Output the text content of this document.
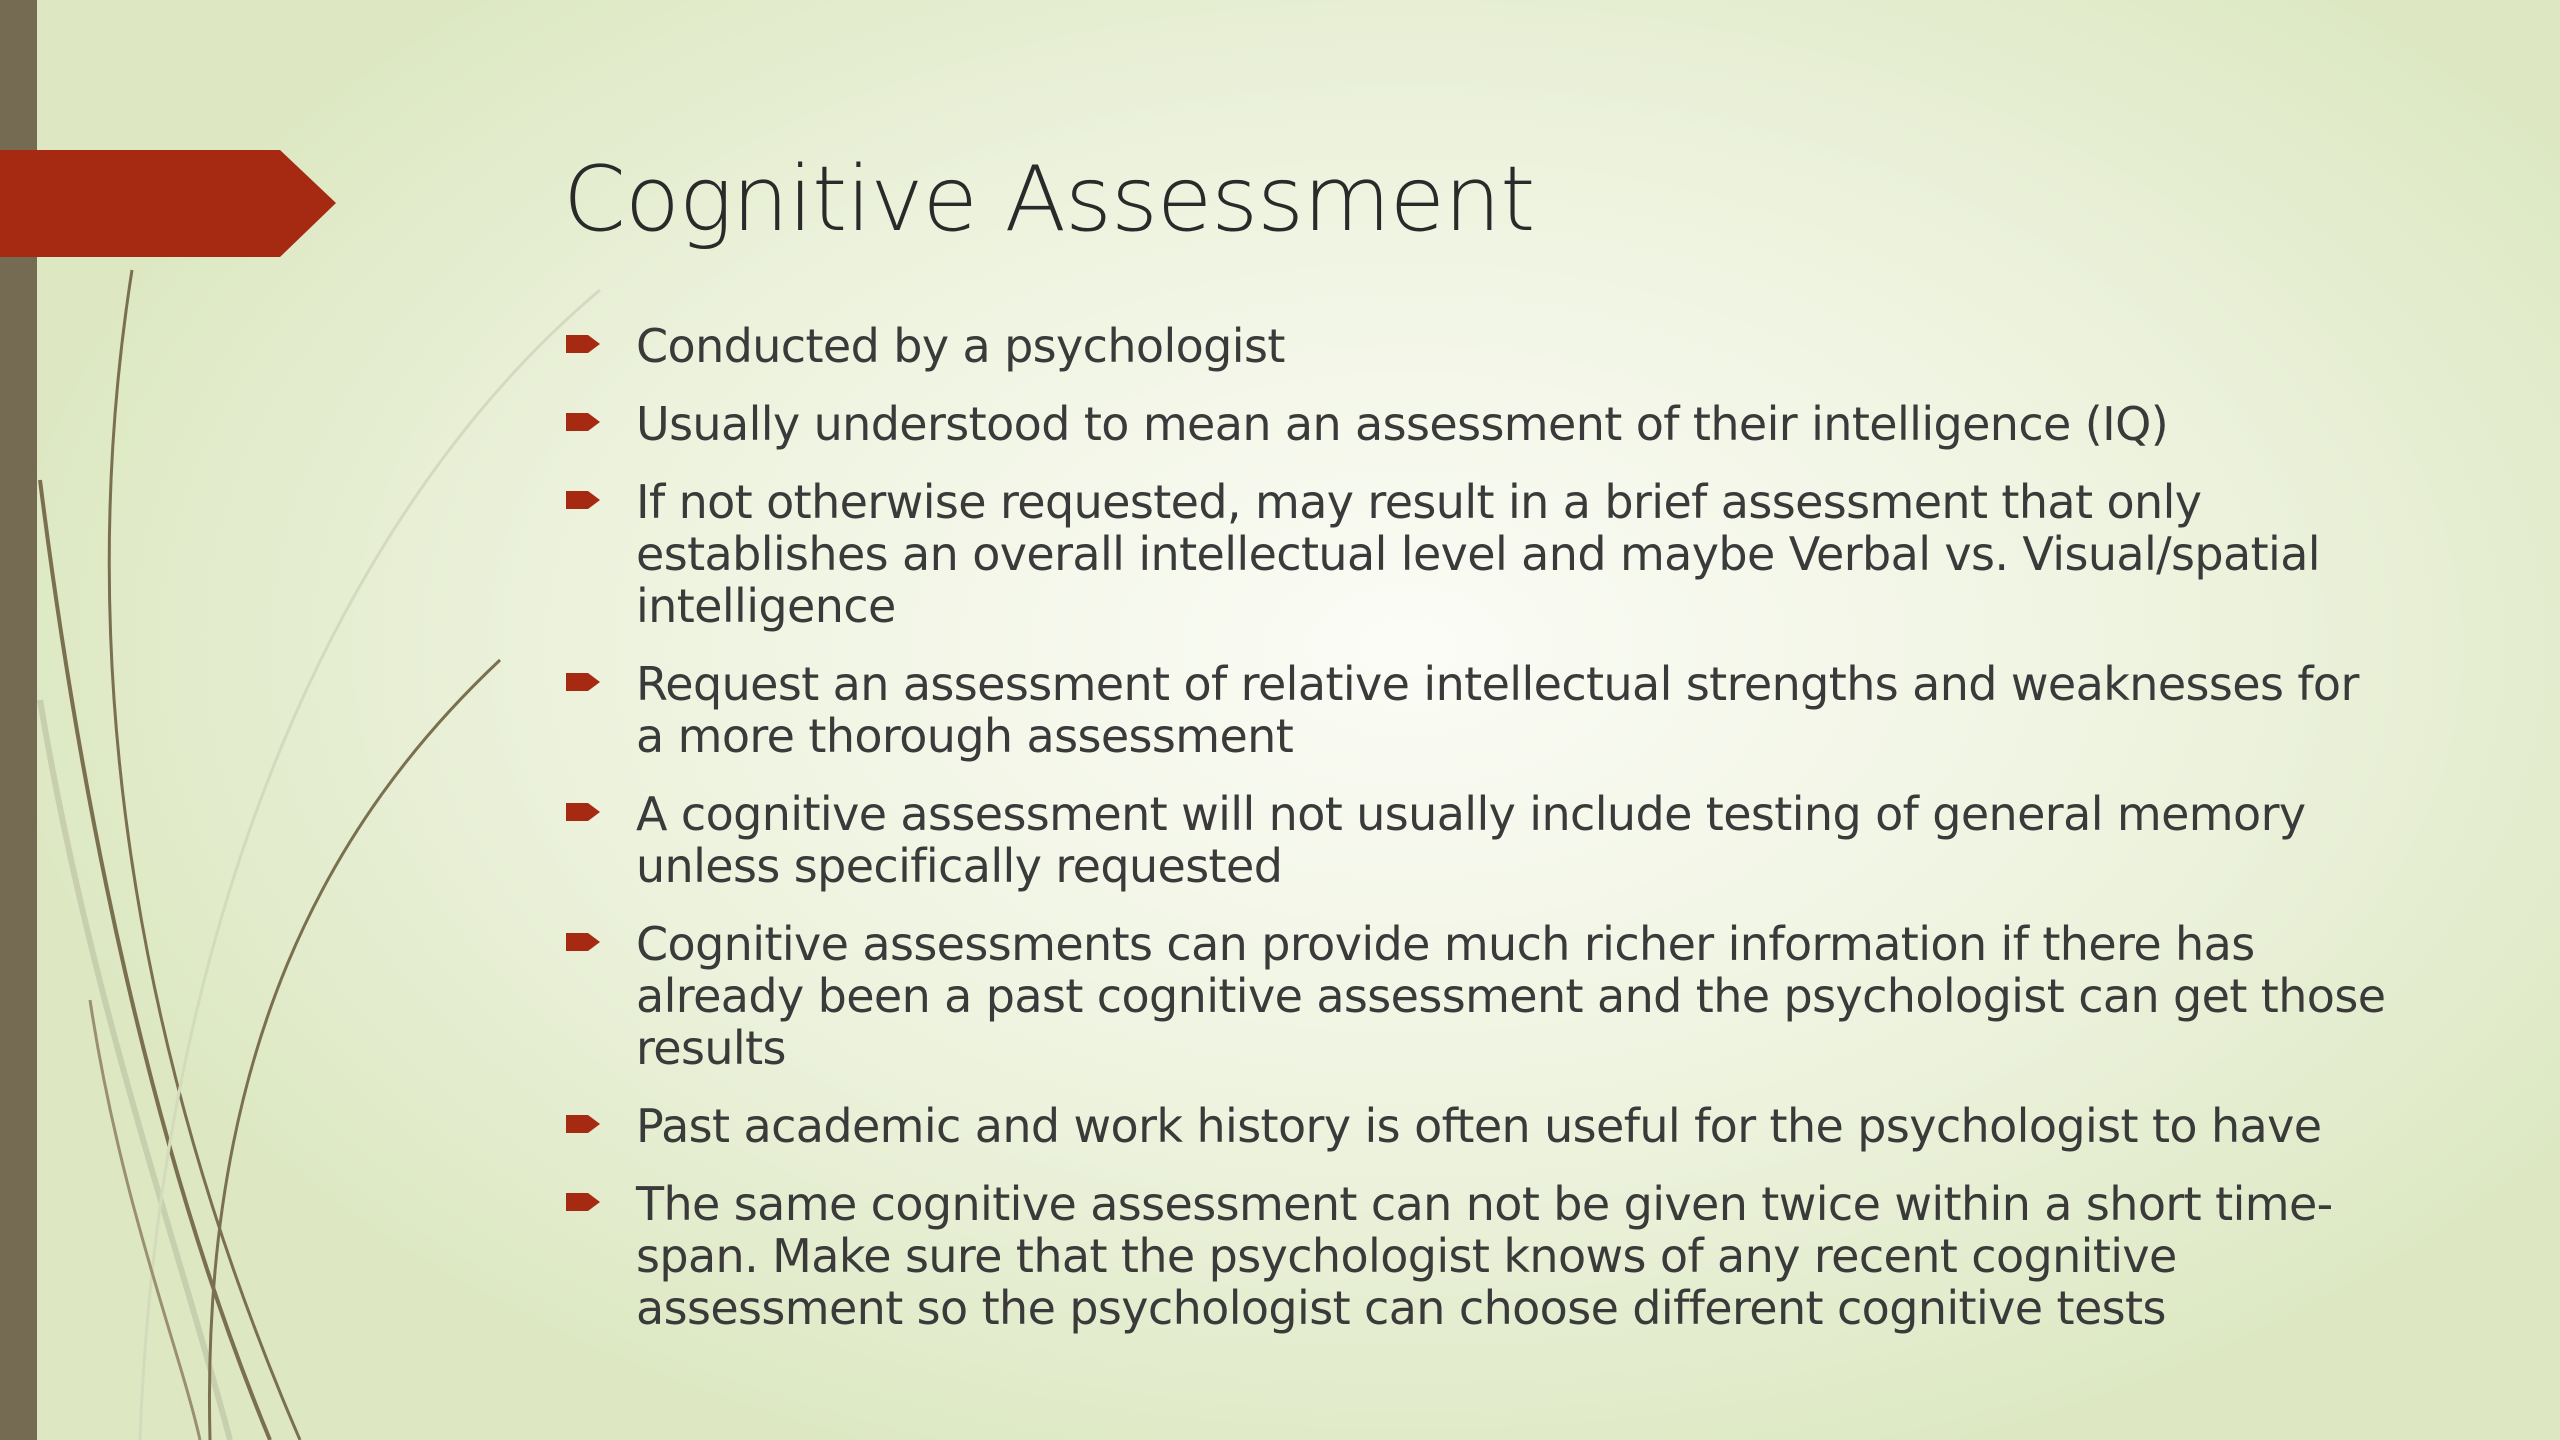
Cognitive Assessment
Conducted by a psychologist
Usually understood to mean an assessment of their intelligence (IQ)
If not otherwise requested, may result in a brief assessment that only establishes an overall intellectual level and maybe Verbal vs. Visual/spatial intelligence
Request an assessment of relative intellectual strengths and weaknesses for a more thorough assessment
A cognitive assessment will not usually include testing of general memory unless specifically requested
Cognitive assessments can provide much richer information if there has already been a past cognitive assessment and the psychologist can get those results
Past academic and work history is often useful for the psychologist to have
The same cognitive assessment can not be given twice within a short time-span. Make sure that the psychologist knows of any recent cognitive assessment so the psychologist can choose different cognitive tests
